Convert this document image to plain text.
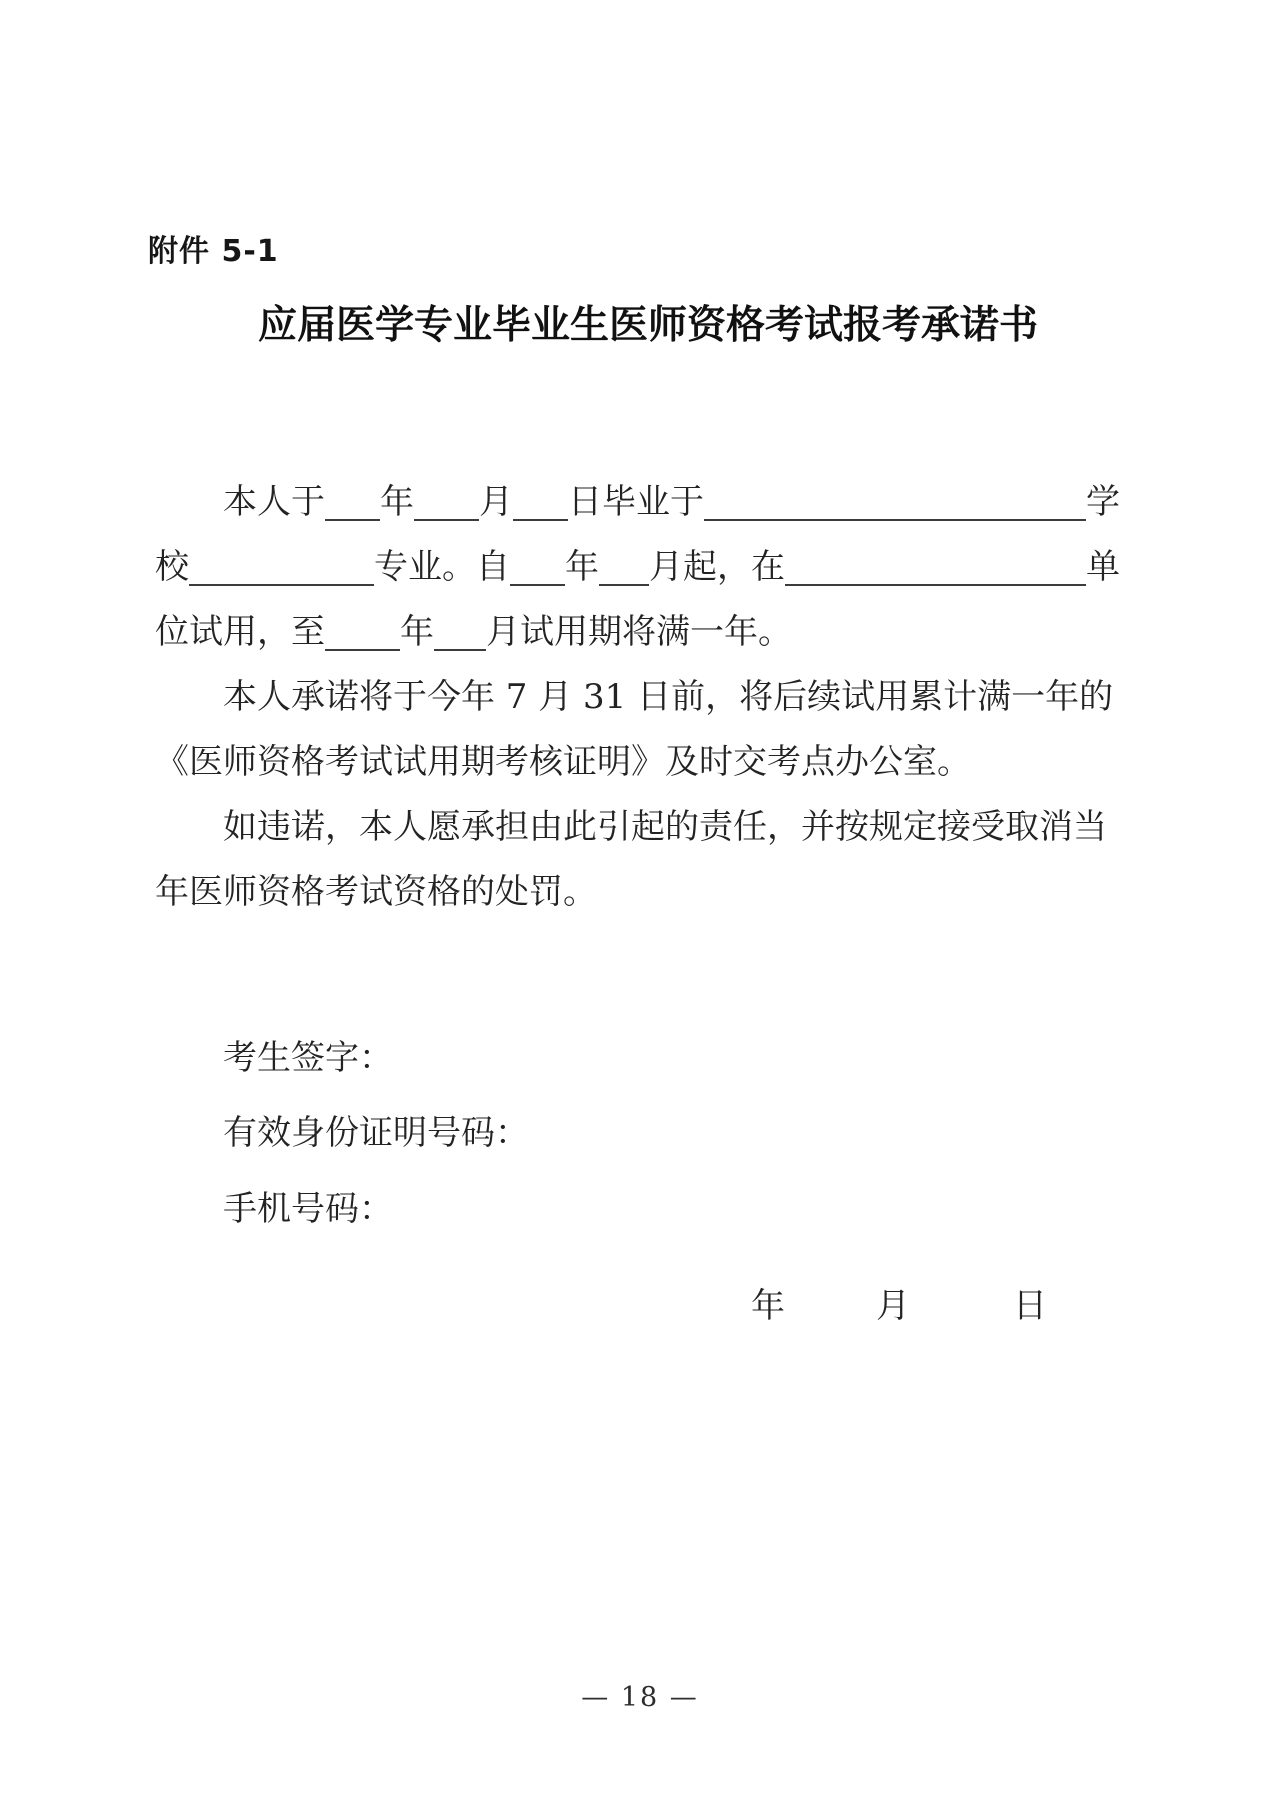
附件 5-1
应届医学专业毕业生医师资格考试报考承诺书
本人于 年 月 日毕业于	学
校	专业。自 年 月起，在	单
位试用，至 年 月试用期将满一年。
本人承诺将于今年 7 月 31 日前，将后续试用累计满一年的
《医师资格考试试用期考核证明》及时交考点办公室。
如违诺，本人愿承担由此引起的责任，并按规定接受取消当
年医师资格考试资格的处罚。
考生签字：
有效身份证明号码：
手机号码：
年	月	日
— 18 —
